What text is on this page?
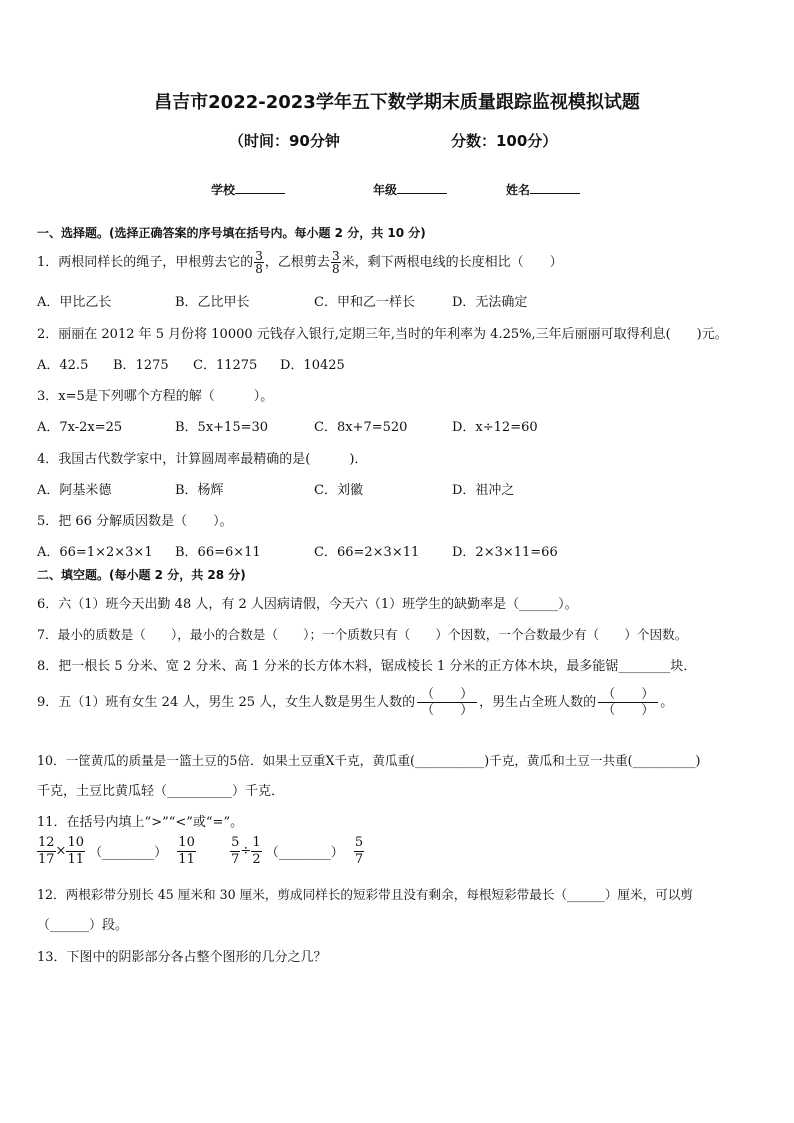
昌吉市2022-2023学年五下数学期末质量跟踪监视模拟试题
（时间：90分钟	分数：100分）
学校	年级	姓名
一、选择题。(选择正确答案的序号填在括号内。每小题 2 分，共 10 分)
1．两根同样长的绳子，甲根剪去它的 $\frac{3}{8}$ ，乙根剪去 $\frac{3}{8}$ 米，剩下两根电线的长度相比（　　）
A．甲比乙长	B．乙比甲长	C．甲和乙一样长	D．无法确定
2．丽丽在 2012 年 5 月份将 10000 元钱存入银行,定期三年,当时的年利率为 4.25%,三年后丽丽可取得利息(　　)元。
A．42.5 B．1275 C．11275 D．10425
3．x=5是下列哪个方程的解（　　　）。
A．7x-2x=25	B．5x+15=30	C．8x+7=520	D．x÷12=60
4．我国古代数学家中，计算圆周率最精确的是(　　　)．
A．阿基米德	B．杨辉	C．刘徽	D．祖冲之
5．把 66 分解质因数是（　　）。
A．66=1×2×3×1 B．66=6×11	C．66=2×3×11	D．2×3×11=66
二、填空题。(每小题 2 分，共 28 分)
6．六（1）班今天出勤 48 人，有 2 人因病请假，今天六（1）班学生的缺勤率是（______）。
7．最小的质数是（　　），最小的合数是（　　）；一个质数只有（　　）个因数，一个合数最少有（　　）个因数。
8．把一根长 5 分米、宽 2 分米、高 1 分米的长方体木料，锯成棱长 1 分米的正方体木块，最多能锯________块．
9．五（1）班有女生 24 人，男生 25 人，女生人数是男生人数的
（　　）
（　　）
，男生占全班人数的
（　　）
（　　）
。
10．一筐黄瓜的质量是一篮土豆的5倍．如果土豆重X千克，黄瓜重(___________)千克，黄瓜和土豆一共重(__________)
千克，土豆比黄瓜轻（__________）千克．
11．在括号内填上“>”“<”或“=”。
$\frac{12}{17} \times \frac{10}{11}$ （________） $\frac{10}{11}$
	$\frac{5}{7} \div \frac{1}{2}$ （________） $\frac{5}{7}$
12．两根彩带分别长 45 厘米和 30 厘米，剪成同样长的短彩带且没有剩余，每根短彩带最长（______）厘米，可以剪
（______）段。
13．下图中的阴影部分各占整个图形的几分之几？
